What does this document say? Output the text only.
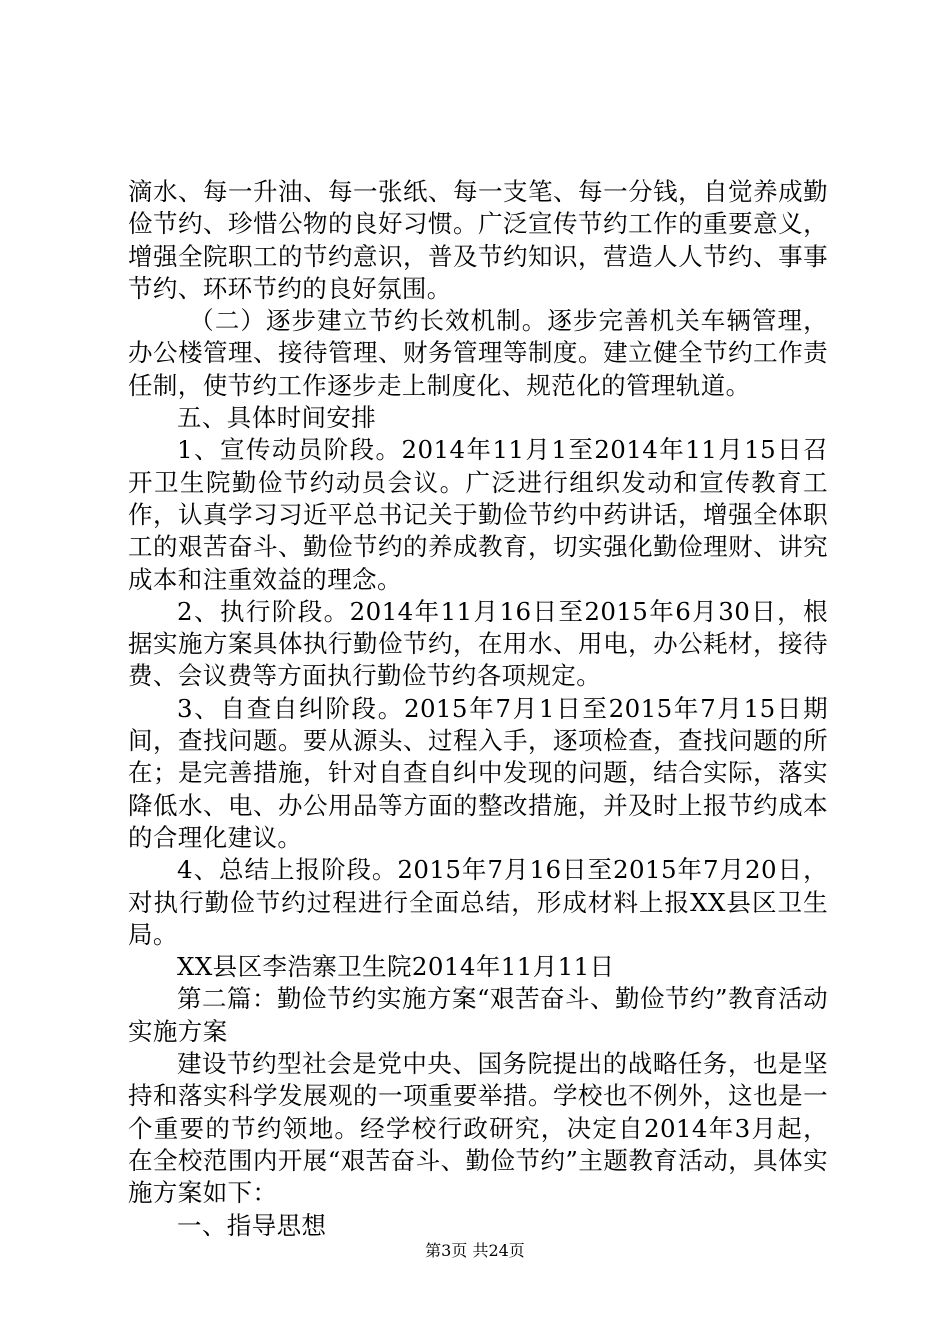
滴水、每一升油、每一张纸、每一支笔、每一分钱，自觉养成勤俭节约、珍惜公物的良好习惯。广泛宣传节约工作的重要意义，增强全院职工的节约意识，普及节约知识，营造人人节约、事事节约、环环节约的良好氛围。

（二）逐步建立节约长效机制。逐步完善机关车辆管理，办公楼管理、接待管理、财务管理等制度。建立健全节约工作责任制，使节约工作逐步走上制度化、规范化的管理轨道。

五、具体时间安排

1、宣传动员阶段。2014年11月1至2014年11月15日召开卫生院勤俭节约动员会议。广泛进行组织发动和宣传教育工作，认真学习习近平总书记关于勤俭节约中药讲话，增强全体职工的艰苦奋斗、勤俭节约的养成教育，切实强化勤俭理财、讲究成本和注重效益的理念。

2、执行阶段。2014年11月16日至2015年6月30日，根据实施方案具体执行勤俭节约，在用水、用电，办公耗材，接待费、会议费等方面执行勤俭节约各项规定。

3、自查自纠阶段。2015年7月1日至2015年7月15日期间，查找问题。要从源头、过程入手，逐项检查，查找问题的所在；是完善措施，针对自查自纠中发现的问题，结合实际，落实降低水、电、办公用品等方面的整改措施，并及时上报节约成本的合理化建议。

4、总结上报阶段。2015年7月16日至2015年7月20日，对执行勤俭节约过程进行全面总结，形成材料上报XX县区卫生局。

XX县区李浩寨卫生院2014年11月11日

第二篇：勤俭节约实施方案“艰苦奋斗、勤俭节约”教育活动实施方案

建设节约型社会是党中央、国务院提出的战略任务，也是坚持和落实科学发展观的一项重要举措。学校也不例外，这也是一个重要的节约领地。经学校行政研究，决定自2014年3月起，在全校范围内开展“艰苦奋斗、勤俭节约”主题教育活动，具体实施方案如下：

一、指导思想

第3页 共24页
